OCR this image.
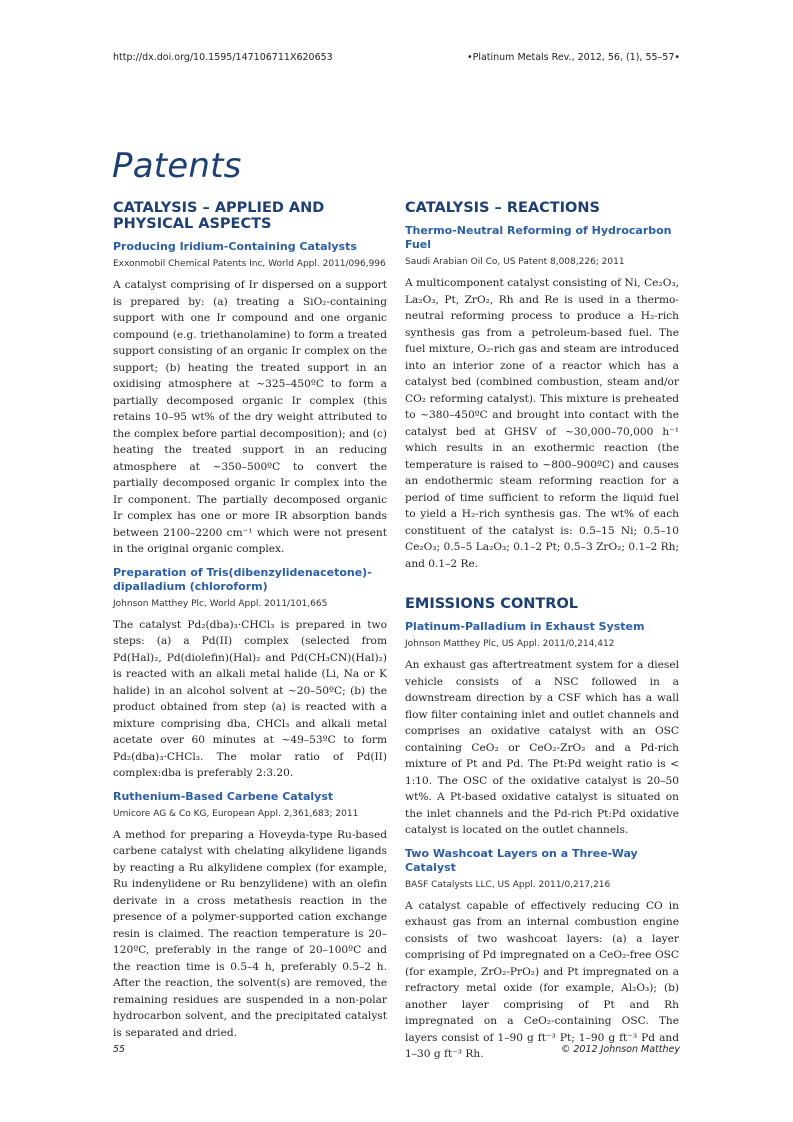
http://dx.doi.org/10.1595/147106711X620653	•Platinum Metals Rev., 2012, 56, (1), 55–57•
Patents
CATALYSIS – APPLIED AND PHYSICAL ASPECTS
Producing Iridium-Containing Catalysts
Exxonmobil Chemical Patents Inc, World Appl. 2011/096,996

A catalyst comprising of Ir dispersed on a support is prepared by: (a) treating a SiO₂-containing support with one Ir compound and one organic compound (e.g. triethanolamine) to form a treated support consisting of an organic Ir complex on the support; (b) heating the treated support in an oxidising atmosphere at ~325–450ºC to form a partially decomposed organic Ir complex (this retains 10–95 wt% of the dry weight attributed to the complex before partial decomposition); and (c) heating the treated support in an reducing atmosphere at ~350–500ºC to convert the partially decomposed organic Ir complex into the Ir component. The partially decomposed organic Ir complex has one or more IR absorption bands between 2100–2200 cm⁻¹ which were not present in the original organic complex.

Preparation of Tris(dibenzylidenacetone)-dipalladium (chloroform)
Johnson Matthey Plc, World Appl. 2011/101,665

The catalyst Pd₂(dba)₃·CHCl₃ is prepared in two steps: (a) a Pd(II) complex (selected from Pd(Hal)₂, Pd(diolefin)(Hal)₂ and Pd(CH₃CN)(Hal)₂) is reacted with an alkali metal halide (Li, Na or K halide) in an alcohol solvent at ~20–50ºC; (b) the product obtained from step (a) is reacted with a mixture comprising dba, CHCl₃ and alkali metal acetate over 60 minutes at ~49–53ºC to form Pd₂(dba)₃·CHCl₃. The molar ratio of Pd(II) complex:dba is preferably 2:3.20.

Ruthenium-Based Carbene Catalyst
Umicore AG & Co KG, European Appl. 2,361,683; 2011

A method for preparing a Hoveyda-type Ru-based carbene catalyst with chelating alkylidene ligands by reacting a Ru alkylidene complex (for example, Ru indenylidene or Ru benzylidene) with an olefin derivate in a cross metathesis reaction in the presence of a polymer-supported cation exchange resin is claimed. The reaction temperature is 20–120ºC, preferably in the range of 20–100ºC and the reaction time is 0.5–4 h, preferably 0.5–2 h. After the reaction, the solvent(s) are removed, the remaining residues are suspended in a non-polar hydrocarbon solvent, and the precipitated catalyst is separated and dried.

CATALYSIS – REACTIONS
Thermo-Neutral Reforming of Hydrocarbon Fuel
Saudi Arabian Oil Co, US Patent 8,008,226; 2011

A multicomponent catalyst consisting of Ni, Ce₂O₃, La₂O₃, Pt, ZrO₂, Rh and Re is used in a thermo-neutral reforming process to produce a H₂-rich synthesis gas from a petroleum-based fuel. The fuel mixture, O₂-rich gas and steam are introduced into an interior zone of a reactor which has a catalyst bed (combined combustion, steam and/or CO₂ reforming catalyst). This mixture is preheated to ~380–450ºC and brought into contact with the catalyst bed at GHSV of ~30,000–70,000 h⁻¹ which results in an exothermic reaction (the temperature is raised to ~800–900ºC) and causes an endothermic steam reforming reaction for a period of time sufficient to reform the liquid fuel to yield a H₂-rich synthesis gas. The wt% of each constituent of the catalyst is: 0.5–15 Ni; 0.5–10 Ce₂O₃; 0.5–5 La₂O₃; 0.1–2 Pt; 0.5–3 ZrO₂; 0.1–2 Rh; and 0.1–2 Re.

EMISSIONS CONTROL
Platinum-Palladium in Exhaust System
Johnson Matthey Plc, US Appl. 2011/0,214,412

An exhaust gas aftertreatment system for a diesel vehicle consists of a NSC followed in a downstream direction by a CSF which has a wall flow filter containing inlet and outlet channels and comprises an oxidative catalyst with an OSC containing CeO₂ or CeO₂-ZrO₂ and a Pd-rich mixture of Pt and Pd. The Pt:Pd weight ratio is < 1:10. The OSC of the oxidative catalyst is 20–50 wt%. A Pt-based oxidative catalyst is situated on the inlet channels and the Pd-rich Pt:Pd oxidative catalyst is located on the outlet channels.

Two Washcoat Layers on a Three-Way Catalyst
BASF Catalysts LLC, US Appl. 2011/0,217,216

A catalyst capable of effectively reducing CO in exhaust gas from an internal combustion engine consists of two washcoat layers: (a) a layer comprising of Pd impregnated on a CeO₂-free OSC (for example, ZrO₂-PrO₂) and Pt impregnated on a refractory metal oxide (for example, Al₂O₃); (b) another layer comprising of Pt and Rh impregnated on a CeO₂-containing OSC. The layers consist of 1–90 g ft⁻³ Pt; 1–90 g ft⁻³ Pd and 1–30 g ft⁻³ Rh.

55	© 2012 Johnson Matthey
